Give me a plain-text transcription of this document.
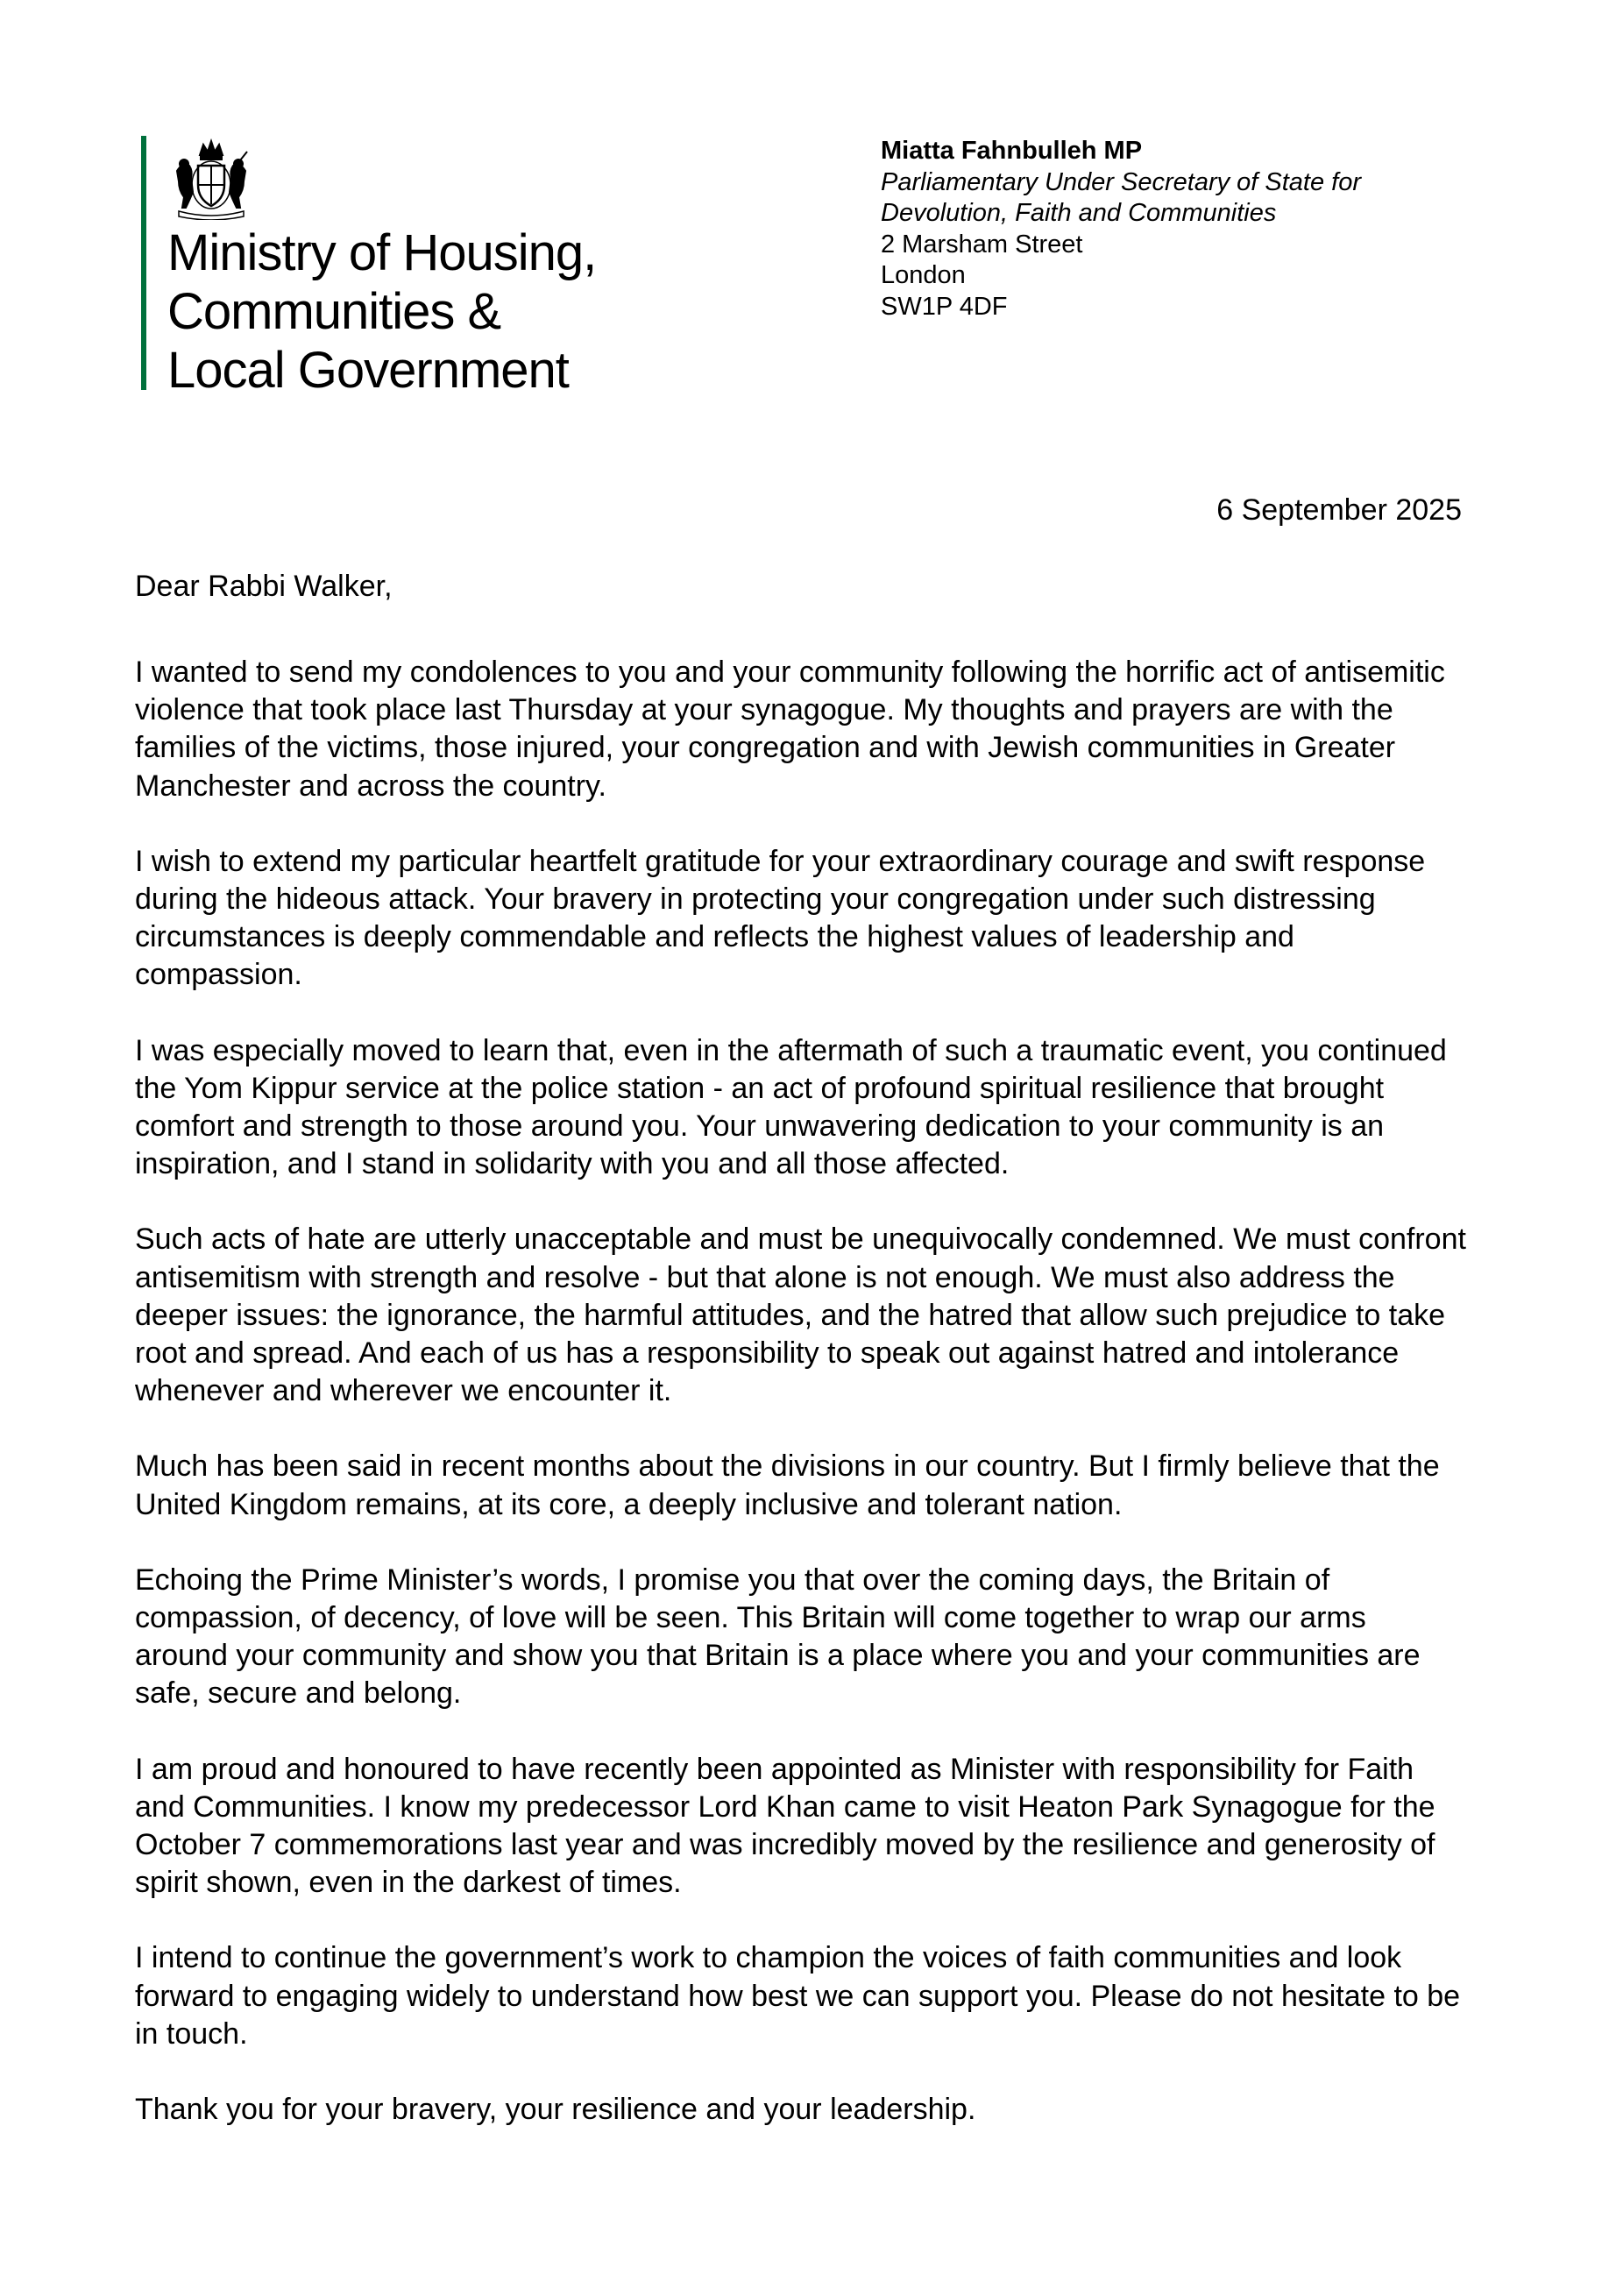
Ministry of Housing,
Communities &
Local Government
Miatta Fahnbulleh MP
Parliamentary Under Secretary of State for
Devolution, Faith and Communities
2 Marsham Street
London
SW1P 4DF
6 September 2025
Dear Rabbi Walker,

I wanted to send my condolences to you and your community following the horrific act of antisemitic violence that took place last Thursday at your synagogue. My thoughts and prayers are with the families of the victims, those injured, your congregation and with Jewish communities in Greater Manchester and across the country.

I wish to extend my particular heartfelt gratitude for your extraordinary courage and swift response during the hideous attack. Your bravery in protecting your congregation under such distressing circumstances is deeply commendable and reflects the highest values of leadership and compassion.

I was especially moved to learn that, even in the aftermath of such a traumatic event, you continued the Yom Kippur service at the police station - an act of profound spiritual resilience that brought comfort and strength to those around you. Your unwavering dedication to your community is an inspiration, and I stand in solidarity with you and all those affected.

Such acts of hate are utterly unacceptable and must be unequivocally condemned. We must confront antisemitism with strength and resolve - but that alone is not enough. We must also address the deeper issues: the ignorance, the harmful attitudes, and the hatred that allow such prejudice to take root and spread. And each of us has a responsibility to speak out against hatred and intolerance whenever and wherever we encounter it.

Much has been said in recent months about the divisions in our country. But I firmly believe that the United Kingdom remains, at its core, a deeply inclusive and tolerant nation.

Echoing the Prime Minister’s words, I promise you that over the coming days, the Britain of compassion, of decency, of love will be seen. This Britain will come together to wrap our arms around your community and show you that Britain is a place where you and your communities are safe, secure and belong.

I am proud and honoured to have recently been appointed as Minister with responsibility for Faith and Communities. I know my predecessor Lord Khan came to visit Heaton Park Synagogue for the October 7 commemorations last year and was incredibly moved by the resilience and generosity of spirit shown, even in the darkest of times.

I intend to continue the government’s work to champion the voices of faith communities and look forward to engaging widely to understand how best we can support you. Please do not hesitate to be in touch.

Thank you for your bravery, your resilience and your leadership.
